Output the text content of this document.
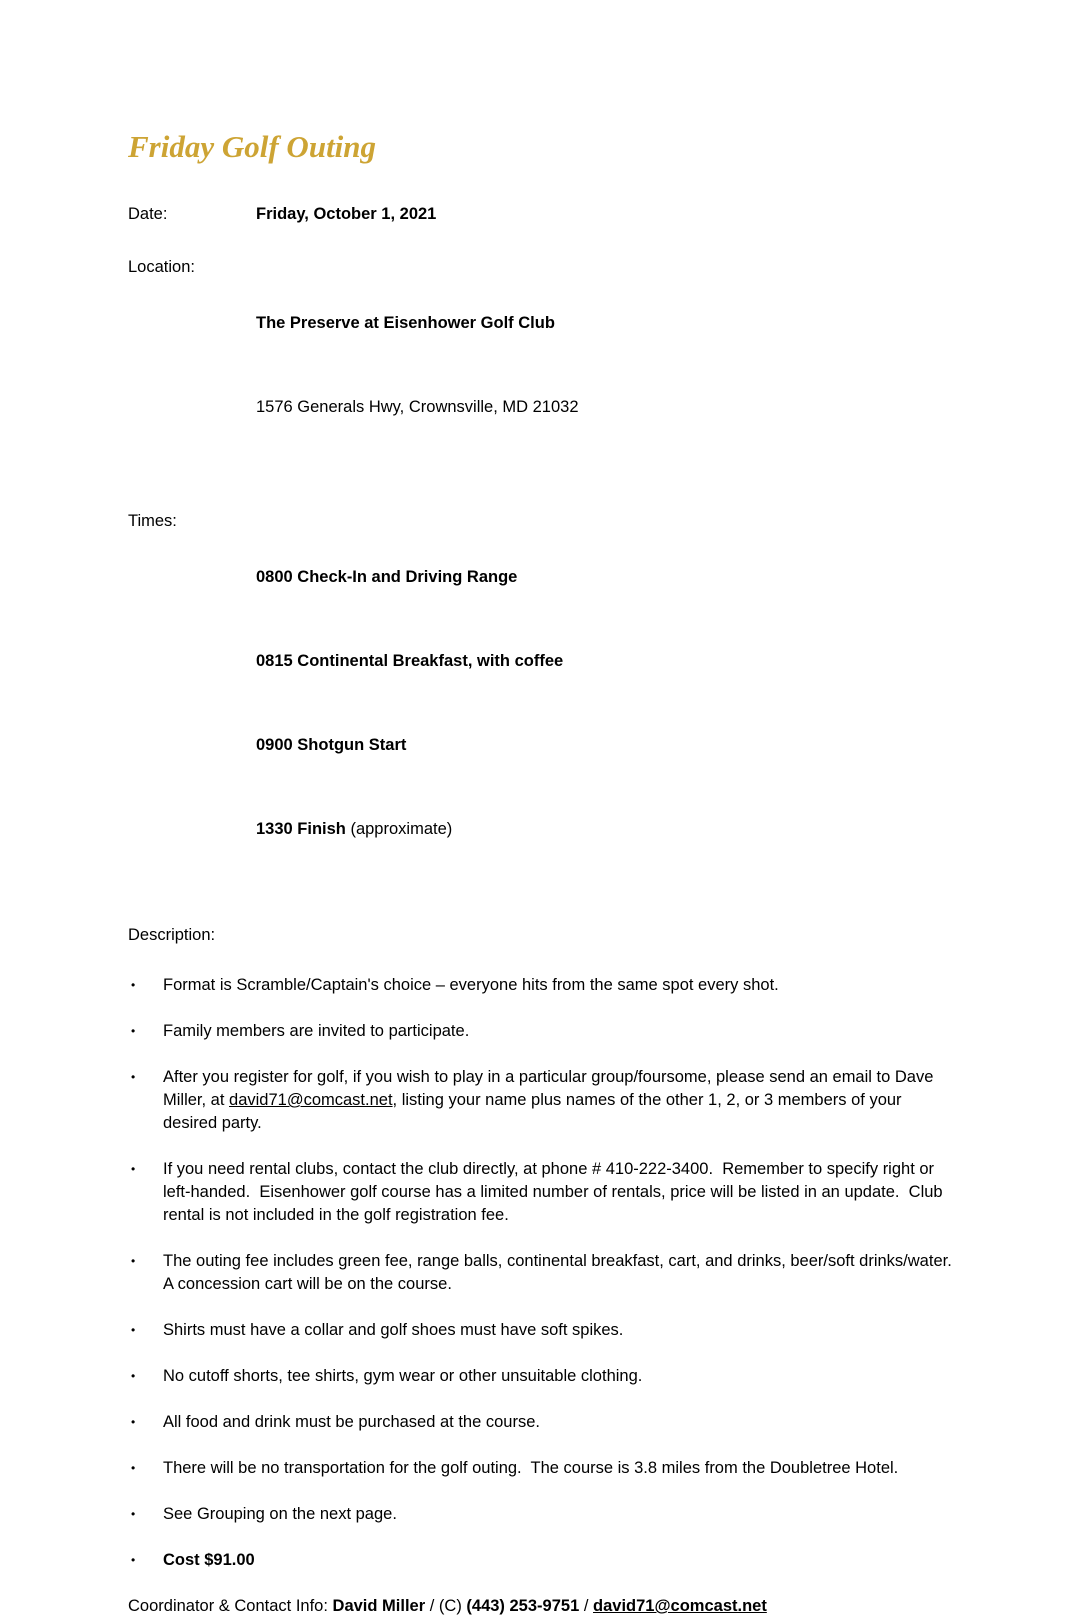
Friday Golf Outing
Date:	Friday, October 1, 2021
Location:

The Preserve at Eisenhower Golf Club

1576 Generals Hwy, Crownsville, MD 21032

Times:

0800 Check-In and Driving Range

0815 Continental Breakfast, with coffee

0900 Shotgun Start

1330 Finish (approximate)

Description:
•	Format is Scramble/Captain's choice – everyone hits from the same spot every shot.
•	Family members are invited to participate.
•	After you register for golf, if you wish to play in a particular group/foursome, please send an email to Dave Miller, at david71@comcast.net, listing your name plus names of the other 1, 2, or 3 members of your desired party.
•	If you need rental clubs, contact the club directly, at phone # 410-222-3400.  Remember to specify right or left-handed.  Eisenhower golf course has a limited number of rentals, price will be listed in an update.  Club rental is not included in the golf registration fee.
•	The outing fee includes green fee, range balls, continental breakfast, cart, and drinks, beer/soft drinks/water.  A concession cart will be on the course.
•	Shirts must have a collar and golf shoes must have soft spikes.
•	No cutoff shorts, tee shirts, gym wear or other unsuitable clothing.
•	All food and drink must be purchased at the course.
•	There will be no transportation for the golf outing.  The course is 3.8 miles from the Doubletree Hotel.
•	See Grouping on the next page.
•	Cost $91.00
Coordinator & Contact Info: David Miller / (C) (443) 253-9751 / david71@comcast.net
